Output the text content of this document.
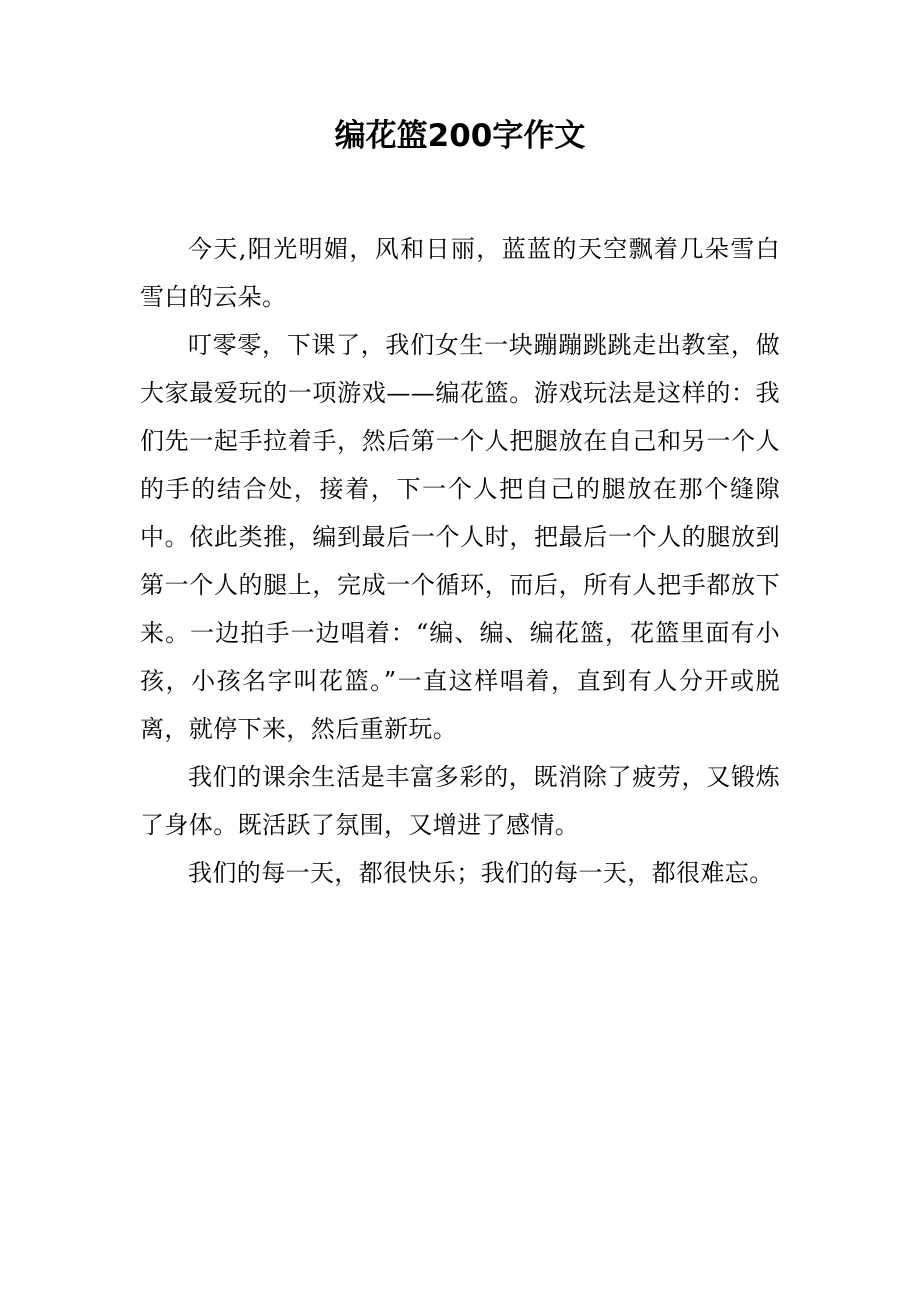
编花篮200字作文

今天,阳光明媚，风和日丽，蓝蓝的天空飘着几朵雪白雪白的云朵。

叮零零，下课了，我们女生一块蹦蹦跳跳走出教室，做大家最爱玩的一项游戏——编花篮。游戏玩法是这样的：我们先一起手拉着手，然后第一个人把腿放在自己和另一个人的手的结合处，接着，下一个人把自己的腿放在那个缝隙中。依此类推，编到最后一个人时，把最后一个人的腿放到第一个人的腿上，完成一个循环，而后，所有人把手都放下来。一边拍手一边唱着：“编、编、编花篮，花篮里面有小孩，小孩名字叫花篮。”一直这样唱着，直到有人分开或脱离，就停下来，然后重新玩。

我们的课余生活是丰富多彩的，既消除了疲劳，又锻炼了身体。既活跃了氛围，又增进了感情。

我们的每一天，都很快乐；我们的每一天，都很难忘。
